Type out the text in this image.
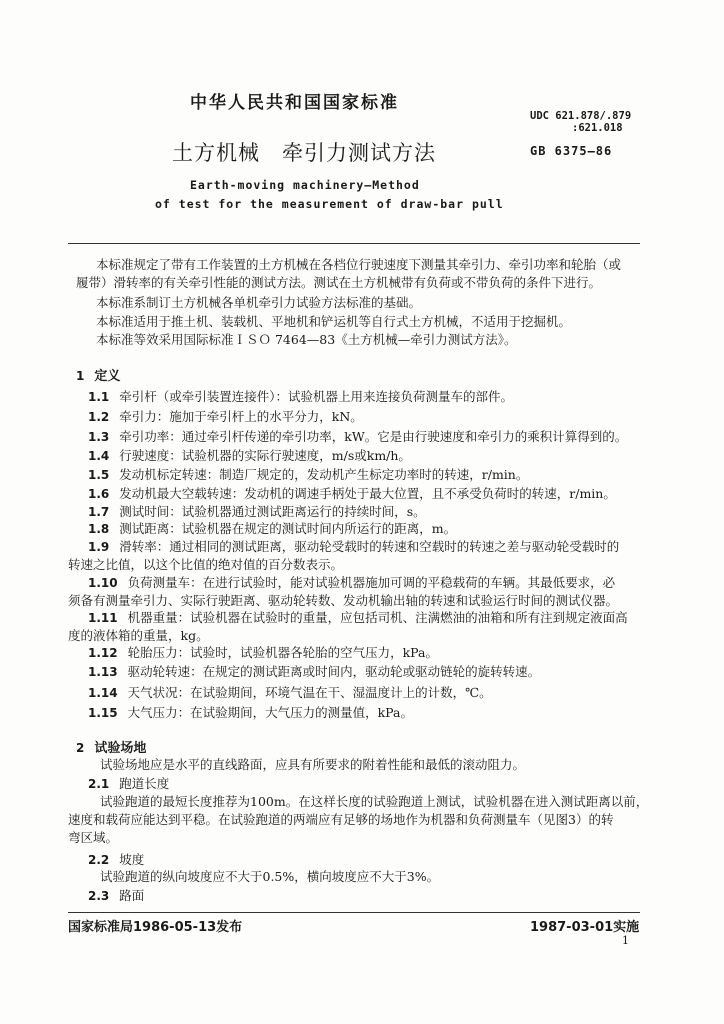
中华人民共和国国家标准
UDC 621.878/.879
:621.018
土方机械　牵引力测试方法	GB 6375—86
Earth-moving machinery—Method
of test for the measurement of draw-bar pull
本标准规定了带有工作装置的土方机械在各档位行驶速度下测量其牵引力、牵引功率和轮胎（或
履带）滑转率的有关牵引性能的测试方法。测试在土方机械带有负荷或不带负荷的条件下进行。
本标准系制订土方机械各单机牵引力试验方法标准的基础。
本标准适用于推土机、装载机、平地机和铲运机等自行式土方机械，不适用于挖掘机。
本标准等效采用国际标准ＩＳＯ 7464—83《土方机械—牵引力测试方法》。
1 定义
1.1 牵引杆（或牵引装置连接件）：试验机器上用来连接负荷测量车的部件。
1.2 牵引力：施加于牵引杆上的水平分力，kN。
1.3 牵引功率：通过牵引杆传递的牵引功率，kW。它是由行驶速度和牵引力的乘积计算得到的。
1.4 行驶速度：试验机器的实际行驶速度，m/s或km/h。
1.5 发动机标定转速：制造厂规定的，发动机产生标定功率时的转速，r/min。
1.6 发动机最大空载转速：发动机的调速手柄处于最大位置，且不承受负荷时的转速，r/min。
1.7 测试时间：试验机器通过测试距离运行的持续时间，s。
1.8 测试距离：试验机器在规定的测试时间内所运行的距离，m。
1.9 滑转率：通过相同的测试距离，驱动轮受载时的转速和空载时的转速之差与驱动轮受载时的
转速之比值，以这个比值的绝对值的百分数表示。
1.10 负荷测量车：在进行试验时，能对试验机器施加可调的平稳载荷的车辆。其最低要求，必
须备有测量牵引力、实际行驶距离、驱动轮转数、发动机输出轴的转速和试验运行时间的测试仪器。
1.11 机器重量：试验机器在试验时的重量，应包括司机、注满燃油的油箱和所有注到规定液面高
度的液体箱的重量，kg。
1.12 轮胎压力：试验时，试验机器各轮胎的空气压力，kPa。
1.13 驱动轮转速：在规定的测试距离或时间内，驱动轮或驱动链轮的旋转转速。
1.14 天气状况：在试验期间，环境气温在干、湿温度计上的计数，℃。
1.15 大气压力：在试验期间，大气压力的测量值，kPa。
2 试验场地
试验场地应是水平的直线路面，应具有所要求的附着性能和最低的滚动阻力。
2.1 跑道长度
试验跑道的最短长度推荐为100m。在这样长度的试验跑道上测试，试验机器在进入测试距离以前，
速度和载荷应能达到平稳。在试验跑道的两端应有足够的场地作为机器和负荷测量车（见图3）的转
弯区域。
2.2 坡度
试验跑道的纵向坡度应不大于0.5%，横向坡度应不大于3%。
2.3 路面
国家标准局1986-05-13发布	1987-03-01实施
1
